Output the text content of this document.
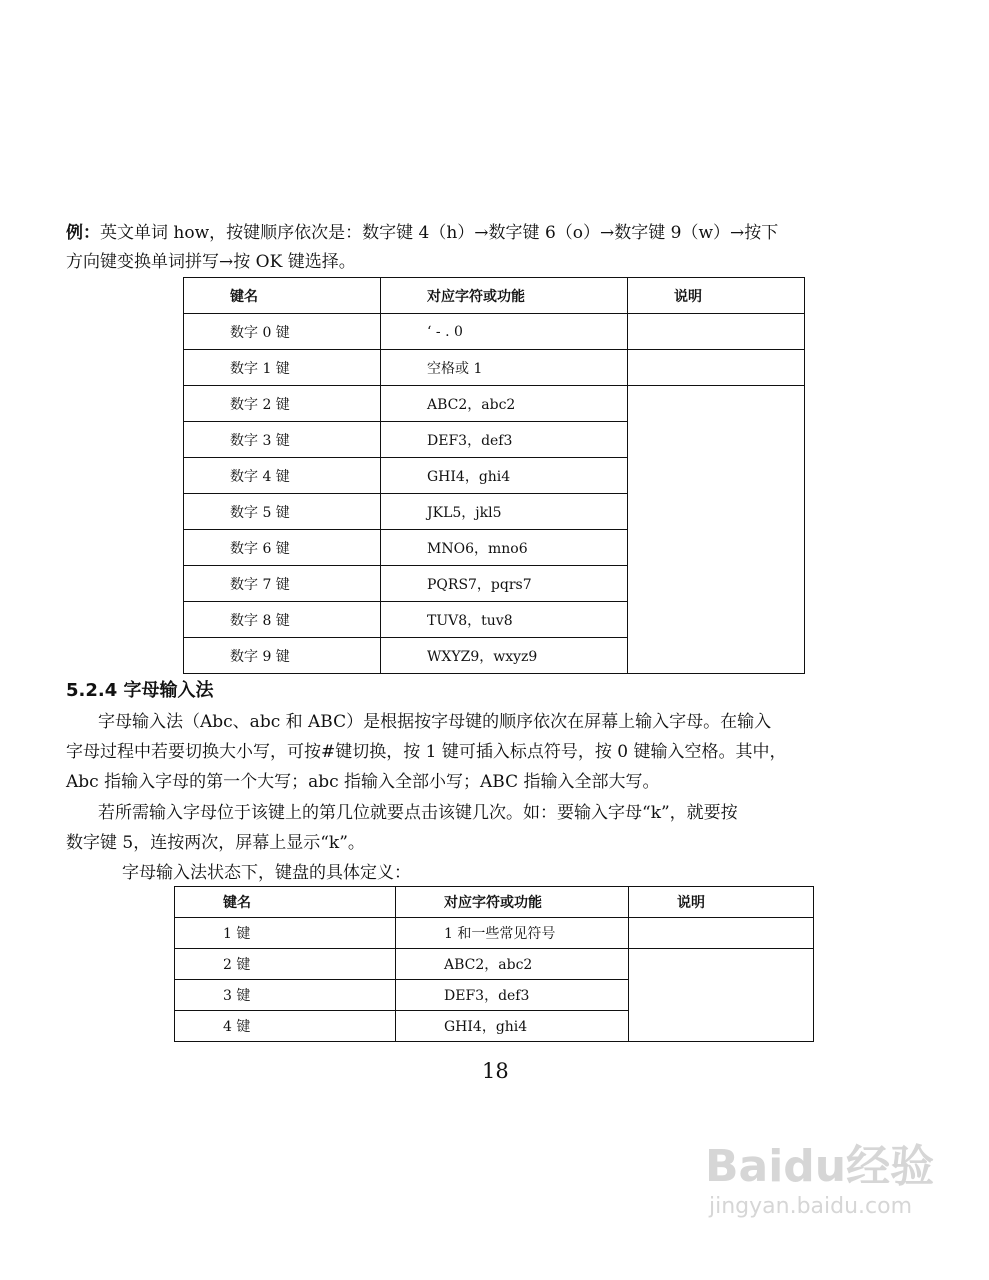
例：英文单词 how，按键顺序依次是：数字键 4（h）→数字键 6（o）→数字键 9（w）→按下
方向键变换单词拼写→按 OK 键选择。
键名	对应字符或功能	说明
数字 0 键	‘ - . 0	
数字 1 键	空格或 1	
数字 2 键	ABC2，abc2	
数字 3 键	DEF3，def3	
数字 4 键	GHI4，ghi4	
数字 5 键	JKL5，jkl5	
数字 6 键	MNO6，mno6	
数字 7 键	PQRS7，pqrs7	
数字 8 键	TUV8，tuv8	
数字 9 键	WXYZ9，wxyz9	
5.2.4 字母输入法
字母输入法（Abc、abc 和 ABC）是根据按字母键的顺序依次在屏幕上输入字母。在输入
字母过程中若要切换大小写，可按#键切换，按 1 键可插入标点符号，按 0 键输入空格。其中，
Abc 指输入字母的第一个大写；abc 指输入全部小写；ABC 指输入全部大写。
若所需输入字母位于该键上的第几位就要点击该键几次。如：要输入字母“k”，就要按
数字键 5，连按两次，屏幕上显示“k”。
字母输入法状态下，键盘的具体定义：
键名	对应字符或功能	说明
1 键	1 和一些常见符号	
2 键	ABC2，abc2	
3 键	DEF3，def3	
4 键	GHI4，ghi4	
18
Baidu经验
jingyan.baidu.com
